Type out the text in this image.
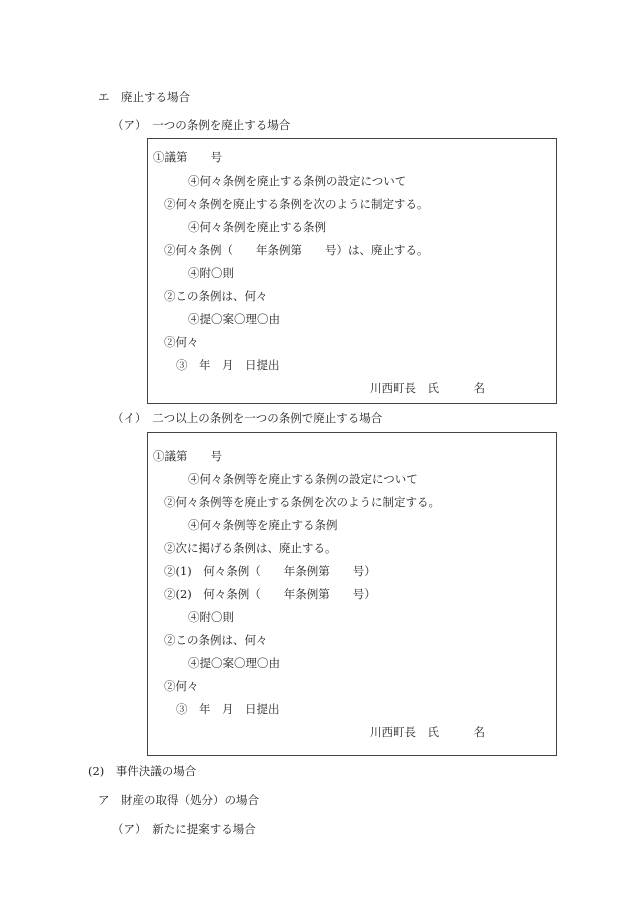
エ　廃止する場合
（ア）　一つの条例を廃止する場合
①議第　　号
④何々条例を廃止する条例の設定について
②何々条例を廃止する条例を次のように制定する。
④何々条例を廃止する条例
②何々条例（　　年条例第　　号）は、廃止する。
④附〇則
②この条例は、何々
④提〇案〇理〇由
②何々
③　年　月　日提出
川西町長　氏　　　名
（イ）　二つ以上の条例を一つの条例で廃止する場合
①議第　　号
④何々条例等を廃止する条例の設定について
②何々条例等を廃止する条例を次のように制定する。
④何々条例等を廃止する条例
②次に掲げる条例は、廃止する。
②(1)　何々条例（　　年条例第　　号）
②(2)　何々条例（　　年条例第　　号）
④附〇則
②この条例は、何々
④提〇案〇理〇由
②何々
③　年　月　日提出
川西町長　氏　　　名
(2)　事件決議の場合
ア　財産の取得（処分）の場合
（ア）　新たに提案する場合
